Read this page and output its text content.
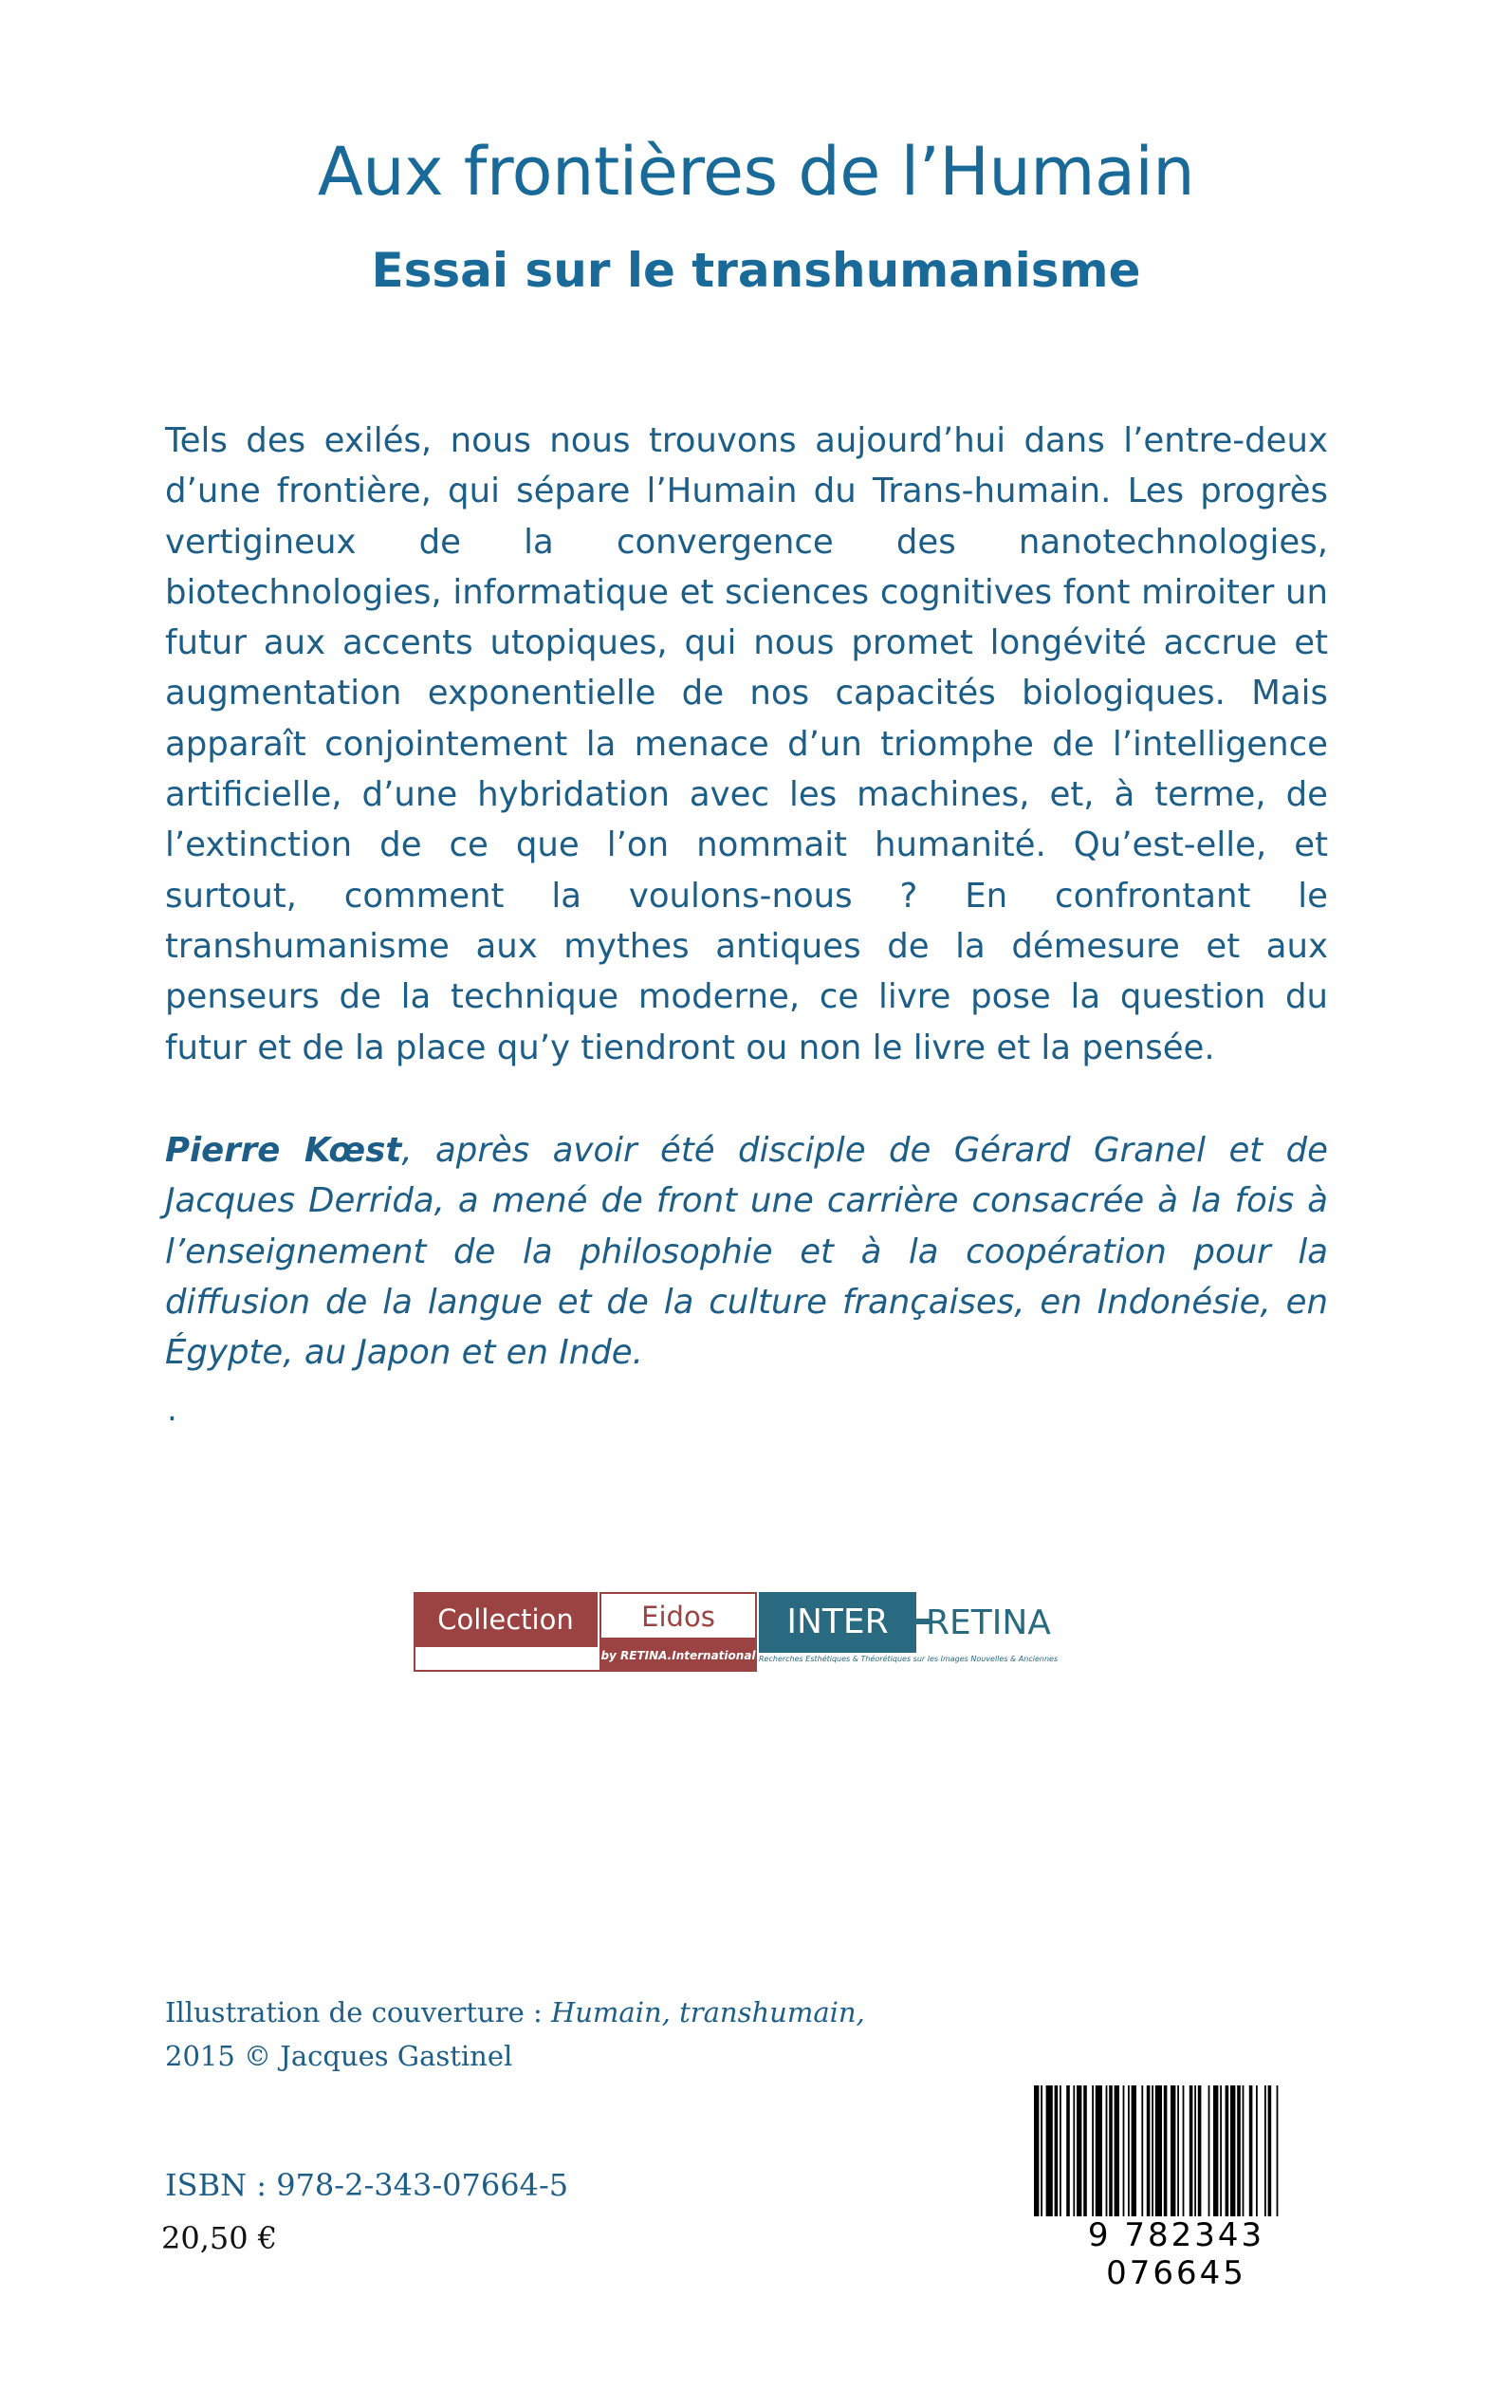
Aux frontières de l’Humain
Essai sur le transhumanisme

Tels des exilés, nous nous trouvons aujourd’hui dans l’entre-deux d’une frontière, qui sépare l’Humain du Trans-humain. Les progrès vertigineux de la convergence des nanotechnologies, biotechnologies, informatique et sciences cognitives font miroiter un futur aux accents utopiques, qui nous promet longévité accrue et augmentation exponentielle de nos capacités biologiques. Mais apparaît conjointement la menace d’un triomphe de l’intelligence artificielle, d’une hybridation avec les machines, et, à terme, de l’extinction de ce que l’on nommait humanité. Qu’est-elle, et surtout, comment la voulons-nous ? En confrontant le transhumanisme aux mythes antiques de la démesure et aux penseurs de la technique moderne, ce livre pose la question du futur et de la place qu’y tiendront ou non le livre et la pensée.

Pierre Kœst, après avoir été disciple de Gérard Granel et de Jacques Derrida, a mené de front une carrière consacrée à la fois à l’enseignement de la philosophie et à la coopération pour la diffusion de la langue et de la culture françaises, en Indonésie, en Égypte, au Japon et en Inde.

.
Collection	Eidos
by RETINA.International
INTER	RETINA
Recherches Esthétiques & Théorétiques sur les Images Nouvelles & Anciennes

Illustration de couverture : Humain, transhumain,
2015 © Jacques Gastinel

ISBN : 978-2-343-07664-5
20,50 €	9 782343 076645
